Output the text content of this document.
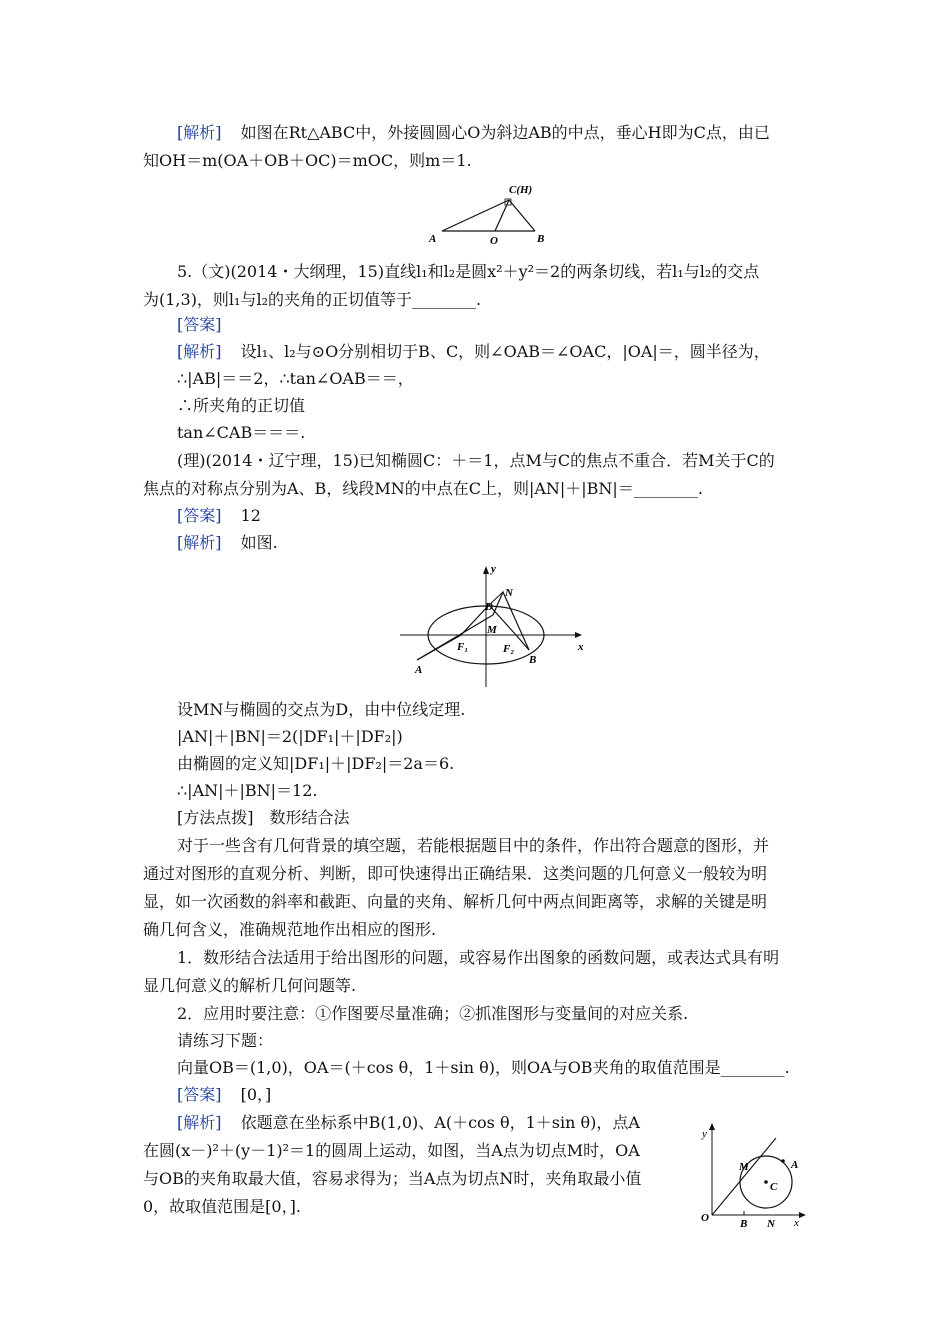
[解析] 如图在Rt△ABC中，外接圆圆心O为斜边AB的中点，垂心H即为C点，由已
知OH＝m(OA＋OB＋OC)＝mOC，则m＝1.
C(H)
A	O	B
5.（文)(2014・大纲理，15)直线l₁和l₂是圆x²＋y²＝2的两条切线，若l₁与l₂的交点
为(1,3)，则l₁与l₂的夹角的正切值等于________.
[答案]
[解析] 设l₁、l₂与⊙O分别相切于B、C，则∠OAB＝∠OAC，|OA|＝，圆半径为，
∴|AB|＝＝2，∴tan∠OAB＝＝，
∴所夹角的正切值
tan∠CAB＝＝＝.
(理)(2014・辽宁理，15)已知椭圆C：＋＝1，点M与C的焦点不重合．若M关于C的
焦点的对称点分别为A、B，线段MN的中点在C上，则|AN|＋|BN|＝________.
[答案] 12
[解析] 如图.
y
x
N
D
M
F₁	F₂
A
B
设MN与椭圆的交点为D，由中位线定理.
|AN|＋|BN|＝2(|DF₁|＋|DF₂|)
由椭圆的定义知|DF₁|＋|DF₂|＝2a＝6.
∴|AN|＋|BN|＝12.
[方法点拨]　数形结合法
对于一些含有几何背景的填空题，若能根据题目中的条件，作出符合题意的图形，并
通过对图形的直观分析、判断，即可快速得出正确结果．这类问题的几何意义一般较为明
显，如一次函数的斜率和截距、向量的夹角、解析几何中两点间距离等，求解的关键是明
确几何含义，准确规范地作出相应的图形.
1．数形结合法适用于给出图形的问题，或容易作出图象的函数问题，或表达式具有明
显几何意义的解析几何问题等.
2．应用时要注意：①作图要尽量准确；②抓准图形与变量间的对应关系.
请练习下题：
向量OB＝(1,0)，OA＝(＋cos θ，1＋sin θ)，则OA与OB夹角的取值范围是________.
[答案] [0，]
[解析] 依题意在坐标系中B(1,0)、A(＋cos θ，1＋sin θ)，点A
在圆(x－)²＋(y－1)²＝1的圆周上运动，如图，当A点为切点M时，OA
与OB的夹角取最大值，容易求得为；当A点为切点N时，夹角取最小值
0，故取值范围是[0，].
y
x
O	B N
M	A
C
